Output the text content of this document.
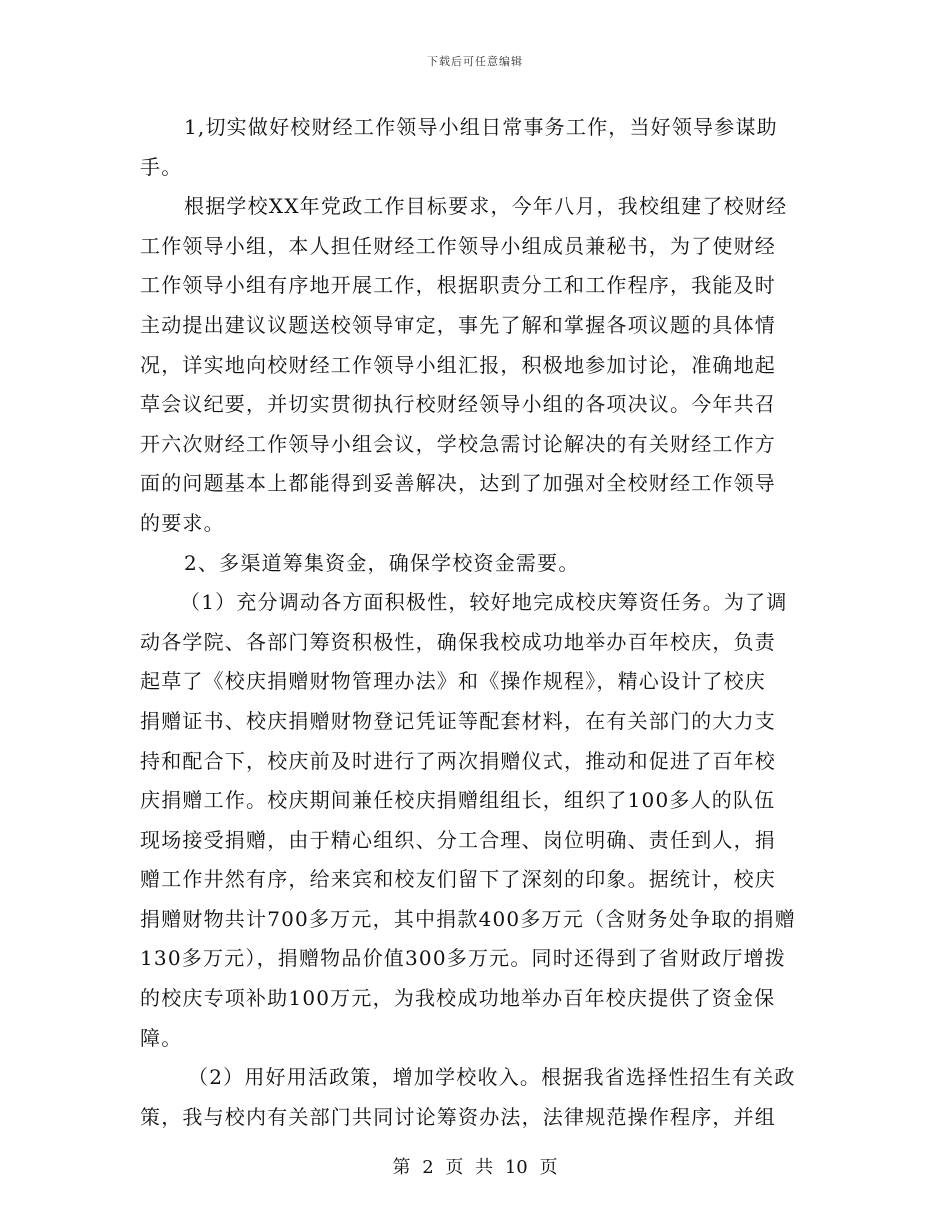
下载后可任意编辑
1,切实做好校财经工作领导小组日常事务工作，当好领导参谋助
手。
根据学校XX年党政工作目标要求，今年八月，我校组建了校财经
工作领导小组，本人担任财经工作领导小组成员兼秘书，为了使财经
工作领导小组有序地开展工作，根据职责分工和工作程序，我能及时
主动提出建议议题送校领导审定，事先了解和掌握各项议题的具体情
况，详实地向校财经工作领导小组汇报，积极地参加讨论，准确地起
草会议纪要，并切实贯彻执行校财经领导小组的各项决议。今年共召
开六次财经工作领导小组会议，学校急需讨论解决的有关财经工作方
面的问题基本上都能得到妥善解决，达到了加强对全校财经工作领导
的要求。
2、多渠道筹集资金，确保学校资金需要。
（1）充分调动各方面积极性，较好地完成校庆筹资任务。为了调
动各学院、各部门筹资积极性，确保我校成功地举办百年校庆，负责
起草了《校庆捐赠财物管理办法》和《操作规程》，精心设计了校庆
捐赠证书、校庆捐赠财物登记凭证等配套材料，在有关部门的大力支
持和配合下，校庆前及时进行了两次捐赠仪式，推动和促进了百年校
庆捐赠工作。校庆期间兼任校庆捐赠组组长，组织了100多人的队伍
现场接受捐赠，由于精心组织、分工合理、岗位明确、责任到人，捐
赠工作井然有序，给来宾和校友们留下了深刻的印象。据统计，校庆
捐赠财物共计700多万元，其中捐款400多万元（含财务处争取的捐赠
130多万元），捐赠物品价值300多万元。同时还得到了省财政厅增拨
的校庆专项补助100万元，为我校成功地举办百年校庆提供了资金保
障。
（2）用好用活政策，增加学校收入。根据我省选择性招生有关政
策，我与校内有关部门共同讨论筹资办法，法律规范操作程序，并组
第 2 页 共 10 页
